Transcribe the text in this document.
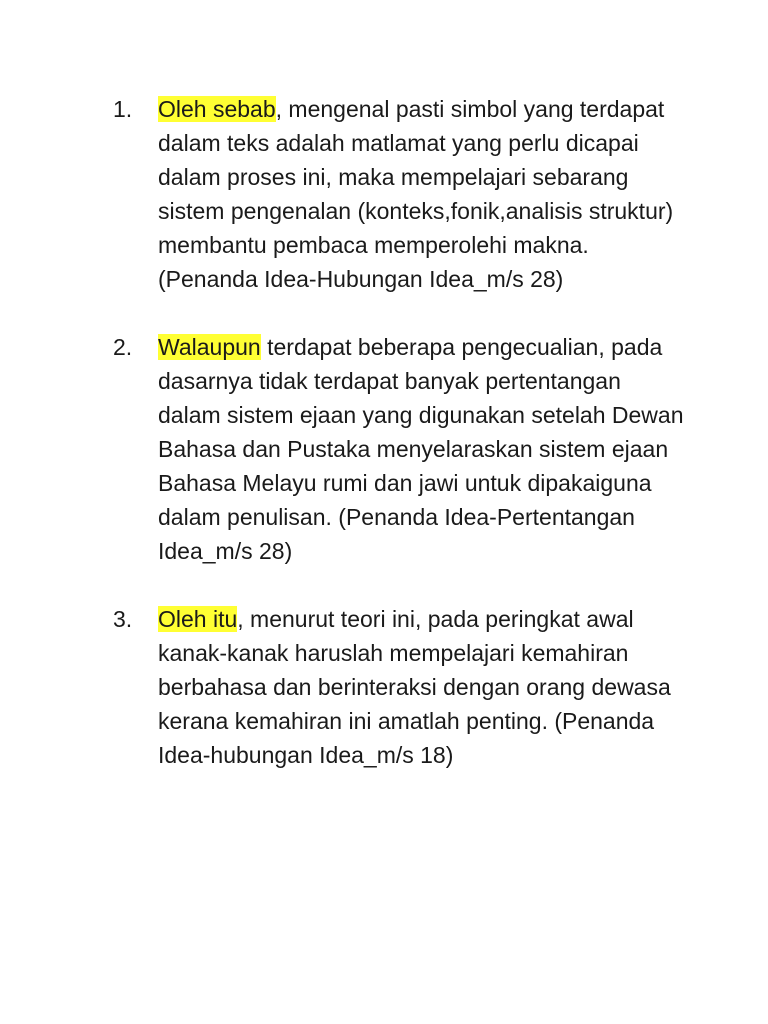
1.	Oleh sebab, mengenal pasti simbol yang terdapat dalam teks adalah matlamat yang perlu dicapai dalam proses ini, maka mempelajari sebarang sistem pengenalan (konteks,fonik,analisis struktur) membantu pembaca memperolehi makna. (Penanda Idea-Hubungan Idea_m/s 28)
2.	Walaupun terdapat beberapa pengecualian, pada dasarnya tidak terdapat banyak pertentangan dalam sistem ejaan yang digunakan setelah Dewan Bahasa dan Pustaka menyelaraskan sistem ejaan Bahasa Melayu rumi dan jawi untuk dipakaiguna dalam penulisan. (Penanda Idea-Pertentangan Idea_m/s 28)
3.	Oleh itu, menurut teori ini, pada peringkat awal kanak-kanak haruslah mempelajari kemahiran berbahasa dan berinteraksi dengan orang dewasa kerana kemahiran ini amatlah penting. (Penanda Idea-hubungan Idea_m/s 18)
